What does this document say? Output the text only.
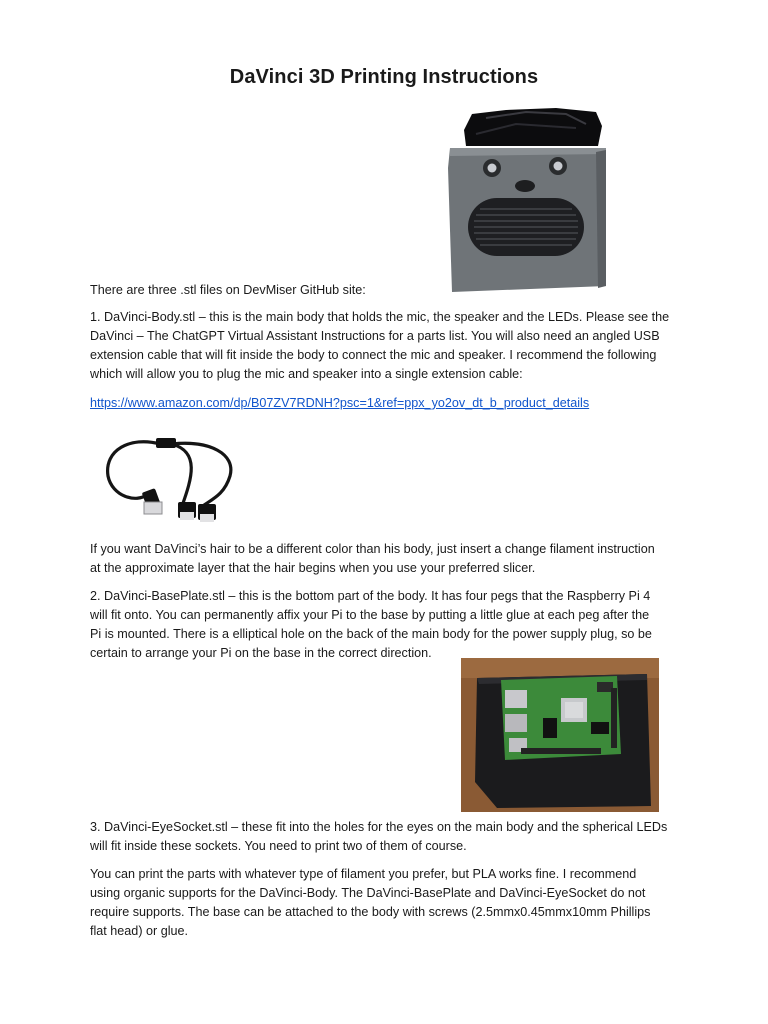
DaVinci 3D Printing Instructions

There are three .stl files on DevMiser GitHub site:

1. DaVinci-Body.stl – this is the main body that holds the mic, the speaker and the LEDs. Please see the
DaVinci – The ChatGPT Virtual Assistant Instructions for a parts list. You will also need an angled USB
extension cable that will fit inside the body to connect the mic and speaker. I recommend the following
which will allow you to plug the mic and speaker into a single extension cable:

https://www.amazon.com/dp/B07ZV7RDNH?psc=1&ref=ppx_yo2ov_dt_b_product_details

If you want DaVinci’s hair to be a different color than his body, just insert a change filament instruction
at the approximate layer that the hair begins when you use your preferred slicer.

2. DaVinci-BasePlate.stl – this is the bottom part of the body. It has four pegs that the Raspberry Pi 4
will fit onto. You can permanently affix your Pi to the base by putting a little glue at each peg after the
Pi is mounted. There is a elliptical hole on the back of the main body for the power supply plug, so be
certain to arrange your Pi on the base in the correct direction.

3. DaVinci-EyeSocket.stl – these fit into the holes for the eyes on the main body and the spherical LEDs
will fit inside these sockets. You need to print two of them of course.

You can print the parts with whatever type of filament you prefer, but PLA works fine. I recommend
using organic supports for the DaVinci-Body. The DaVinci-BasePlate and DaVinci-EyeSocket do not
require supports. The base can be attached to the body with screws (2.5mmx0.45mmx10mm Phillips
flat head) or glue.
